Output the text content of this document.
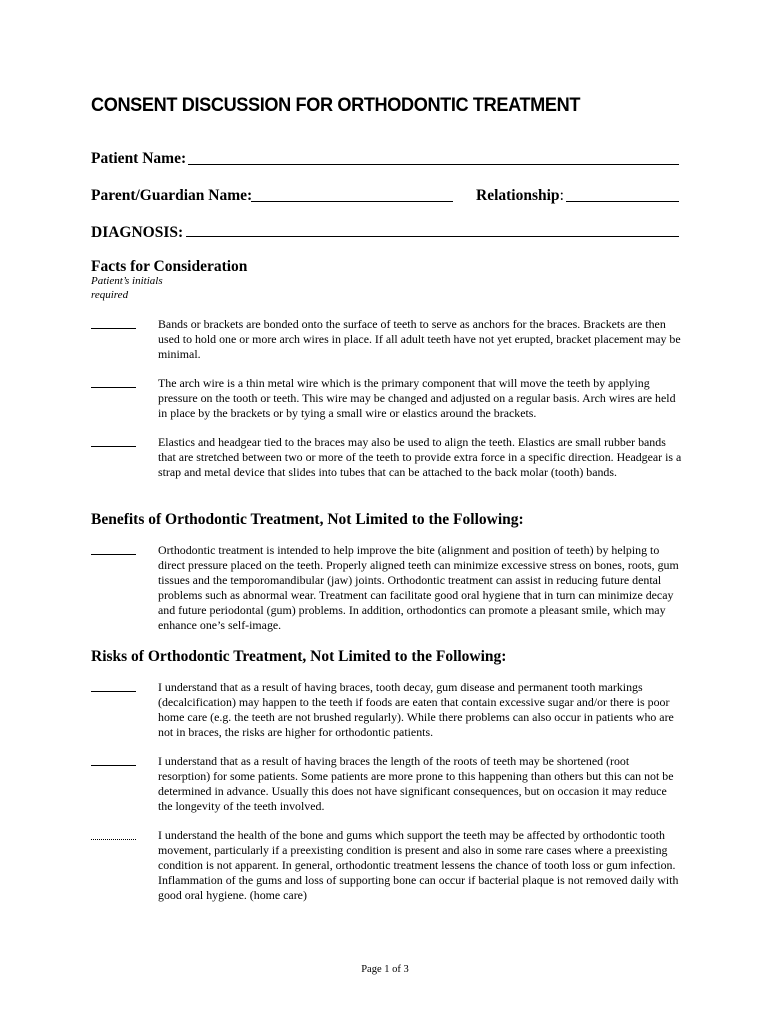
CONSENT DISCUSSION FOR ORTHODONTIC TREATMENT
Patient Name:
Parent/Guardian Name:	Relationship:
DIAGNOSIS:
Facts for Consideration
Patient’s initials required

Bands or brackets are bonded onto the surface of teeth to serve as anchors for the braces. Brackets are then used to hold one or more arch wires in place. If all adult teeth have not yet erupted, bracket placement may be minimal.

The arch wire is a thin metal wire which is the primary component that will move the teeth by applying pressure on the tooth or teeth. This wire may be changed and adjusted on a regular basis. Arch wires are held in place by the brackets or by tying a small wire or elastics around the brackets.

Elastics and headgear tied to the braces may also be used to align the teeth. Elastics are small rubber bands that are stretched between two or more of the teeth to provide extra force in a specific direction. Headgear is a strap and metal device that slides into tubes that can be attached to the back molar (tooth) bands.

Benefits of Orthodontic Treatment, Not Limited to the Following:

Orthodontic treatment is intended to help improve the bite (alignment and position of teeth) by helping to direct pressure placed on the teeth. Properly aligned teeth can minimize excessive stress on bones, roots, gum tissues and the temporomandibular (jaw) joints. Orthodontic treatment can assist in reducing future dental problems such as abnormal wear. Treatment can facilitate good oral hygiene that in turn can minimize decay and future periodontal (gum) problems. In addition, orthodontics can promote a pleasant smile, which may enhance one’s self-image.

Risks of Orthodontic Treatment, Not Limited to the Following:

I understand that as a result of having braces, tooth decay, gum disease and permanent tooth markings (decalcification) may happen to the teeth if foods are eaten that contain excessive sugar and/or there is poor home care (e.g. the teeth are not brushed regularly). While there problems can also occur in patients who are not in braces, the risks are higher for orthodontic patients.

I understand that as a result of having braces the length of the roots of teeth may be shortened (root resorption) for some patients. Some patients are more prone to this happening than others but this can not be determined in advance. Usually this does not have significant consequences, but on occasion it may reduce the longevity of the teeth involved.

I understand the health of the bone and gums which support the teeth may be affected by orthodontic tooth movement, particularly if a preexisting condition is present and also in some rare cases where a preexisting condition is not apparent. In general, orthodontic treatment lessens the chance of tooth loss or gum infection. Inflammation of the gums and loss of supporting bone can occur if bacterial plaque is not removed daily with good oral hygiene. (home care)

Page 1 of 3
